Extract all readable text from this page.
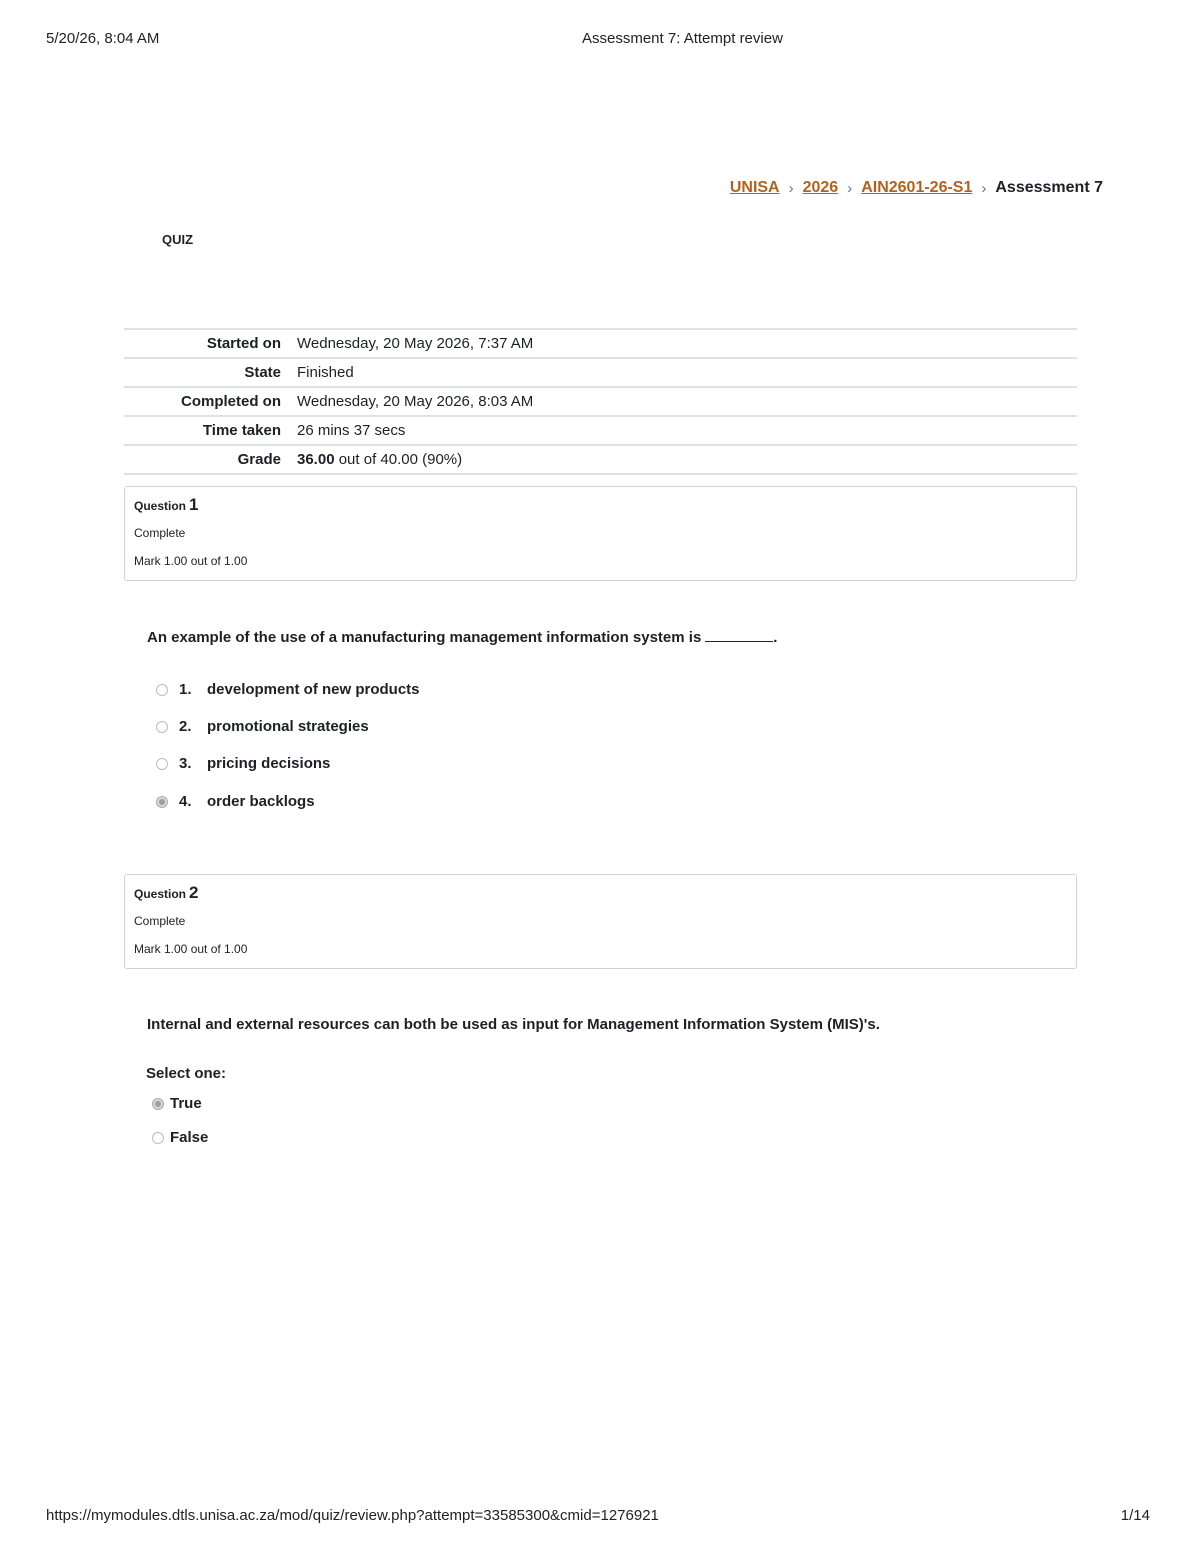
5/20/26, 8:04 AM	Assessment 7: Attempt review
UNISA › 2026 › AIN2601-26-S1 › Assessment 7
QUIZ
Started on	Wednesday, 20 May 2026, 7:37 AM
State	Finished
Completed on	Wednesday, 20 May 2026, 8:03 AM
Time taken	26 mins 37 secs
Grade	36.00 out of 40.00 (90%)
Question 1
Complete
Mark 1.00 out of 1.00
An example of the use of a manufacturing management information system is	.
1.	development of new products
2.	promotional strategies
3.	pricing decisions
4.	order backlogs
Question 2
Complete
Mark 1.00 out of 1.00
Internal and external resources can both be used as input for Management Information System (MIS)'s.
Select one:
True
False
https://mymodules.dtls.unisa.ac.za/mod/quiz/review.php?attempt=33585300&cmid=1276921	1/14
